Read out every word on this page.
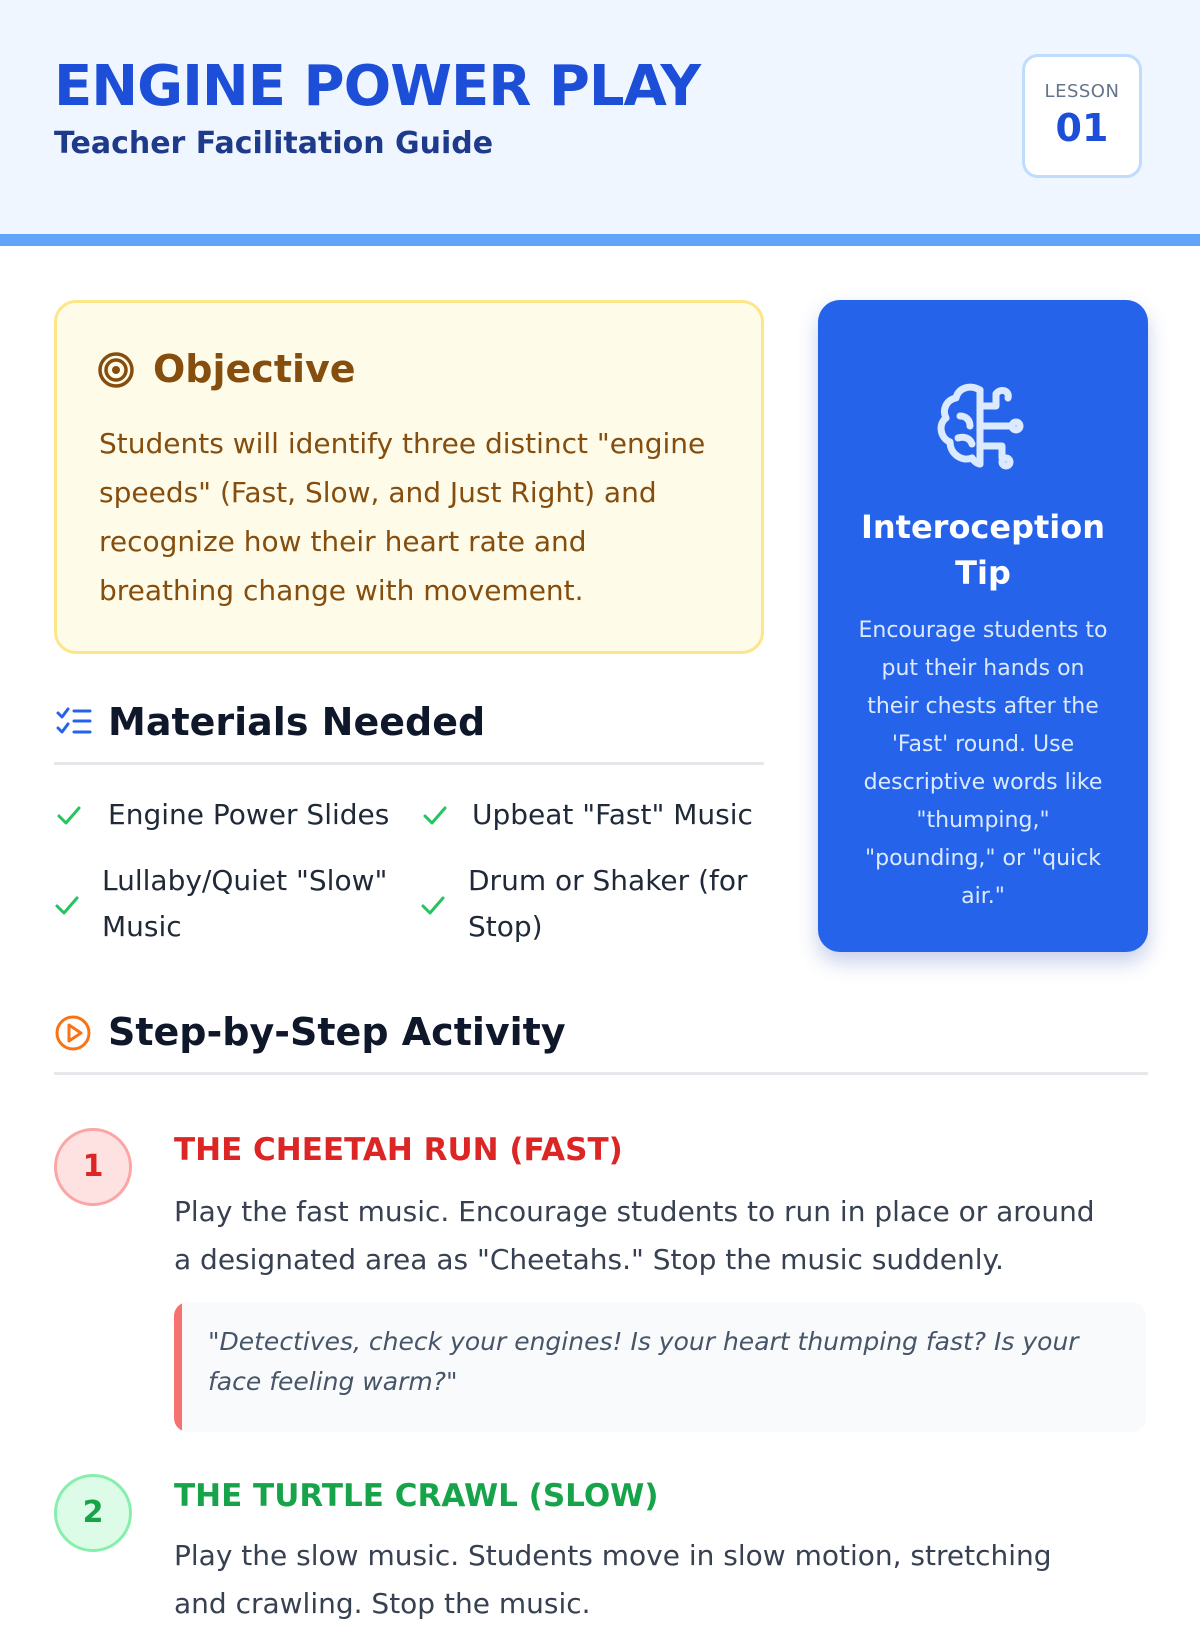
ENGINE POWER PLAY
Teacher Facilitation Guide
LESSON
01
Objective

Students will identify three distinct "engine speeds" (Fast, Slow, and Just Right) and recognize how their heart rate and breathing change with movement.

Materials Needed
Engine Power Slides	Upbeat "Fast" Music
Lullaby/Quiet "Slow" Music
Drum or Shaker (for Stop)
Interoception Tip

Encourage students to put their hands on their chests after the 'Fast' round. Use descriptive words like "thumping," "pounding," or "quick air."

Step-by-Step Activity
1	THE CHEETAH RUN (FAST)

Play the fast music. Encourage students to run in place or around a designated area as "Cheetahs." Stop the music suddenly.

"Detectives, check your engines! Is your heart thumping fast? Is your face feeling warm?"

2	THE TURTLE CRAWL (SLOW)

Play the slow music. Students move in slow motion, stretching and crawling. Stop the music.
